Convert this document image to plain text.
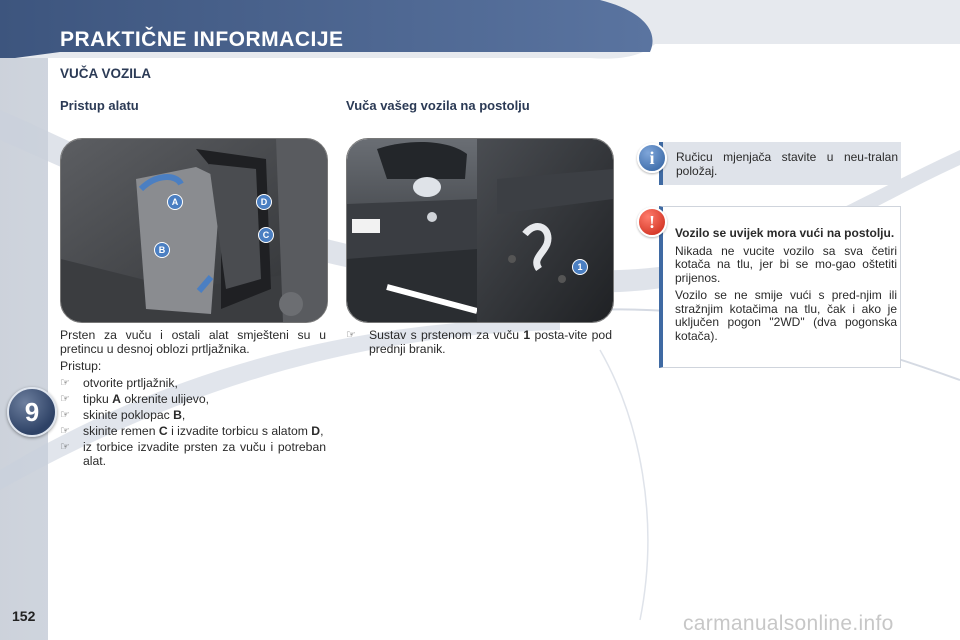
PRAKTIČNE INFORMACIJE
VUČA VOZILA
Pristup alatu
A
B
C
D

Prsten za vuču i ostali alat smješteni su u pretincu u desnoj oblozi prtljažnika.

Pristup:

☞ otvorite prtljažnik,
☞ tipku A okrenite ulijevo,
☞ skinite poklopac B,
☞ skinite remen C i izvadite torbicu s alatom D,
☞ iz torbice izvadite prsten za vuču i potreban alat.
Vuča vašeg vozila na postolju
1
☞ Sustav s prstenom za vuču 1 posta-vite pod prednji branik.
i	Ručicu mjenjača stavite u neu-tralan položaj.
!

Vozilo se uvijek mora vući na postolju.

Nikada ne vucite vozilo sa sva četiri kotača na tlu, jer bi se mo-gao oštetiti prijenos.

Vozilo se ne smije vući s pred-njim ili stražnjim kotačima na tlu, čak i ako je uključen pogon "2WD" (dva pogonska kotača).

9
152	carmanualsonline.info
